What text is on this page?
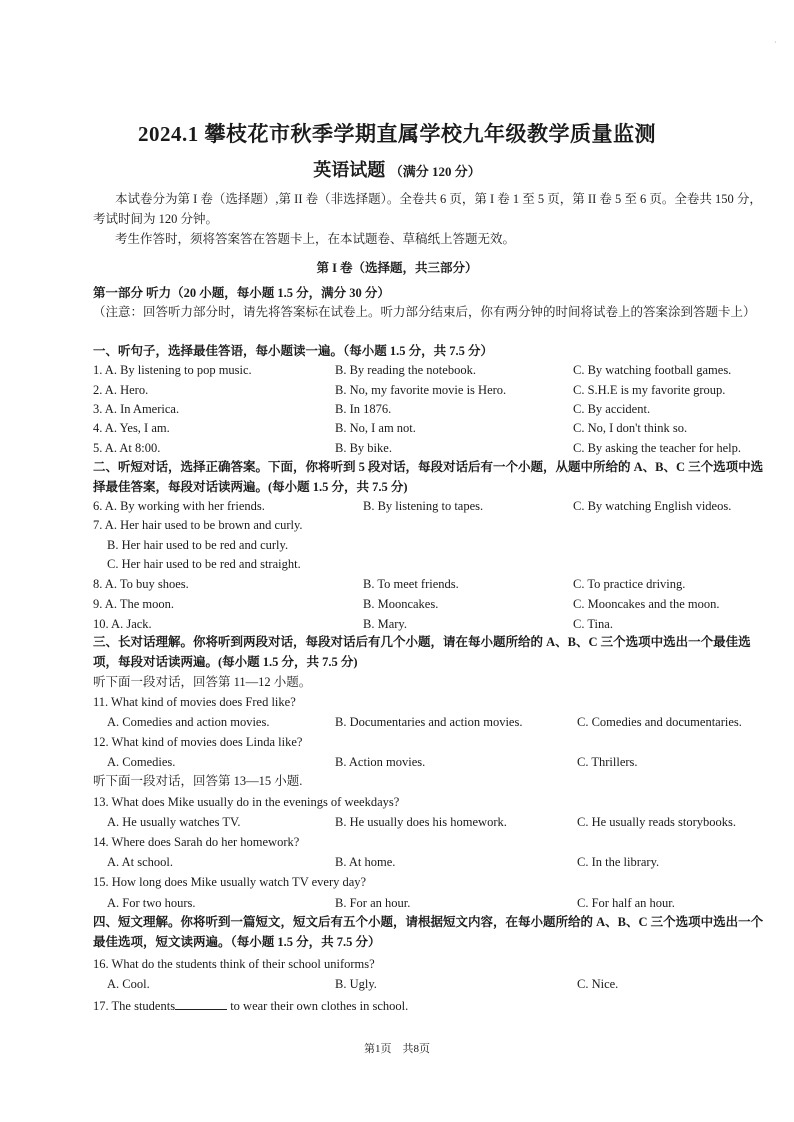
·
2024.1 攀枝花市秋季学期直属学校九年级教学质量监测
英语试题 （满分 120 分）
本试卷分为第 I 卷（选择题）,第 II 卷（非选择题）。全卷共 6 页，第 I 卷 1 至 5 页，第 II 卷 5 至 6 页。全卷共 150 分，考试时间为 120 分钟。
考生作答时，须将答案答在答题卡上，在本试题卷、草稿纸上答题无效。
第 I 卷（选择题，共三部分）
第一部分 听力（20 小题，每小题 1.5 分，满分 30 分）
（注意：回答听力部分时，请先将答案标在试卷上。听力部分结束后，你有两分钟的时间将试卷上的答案涂到答题卡上）
一、听句子，选择最佳答语，每小题读一遍。（每小题 1.5 分，共 7.5 分）
1. A. By listening to pop music.	B. By reading the notebook.	C. By watching football games.
2. A. Hero.	B. No, my favorite movie is Hero.	C. S.H.E is my favorite group.
3. A. In America.	B. In 1876.	C. By accident.
4. A. Yes, I am.	B. No, I am not.	C. No, I don't think so.
5. A. At 8:00.	B. By bike.	C. By asking the teacher for help.
二、听短对话，选择正确答案。下面，你将听到 5 段对话，每段对话后有一个小题，从题中所给的 A、B、C 三个选项中选择最佳答案，每段对话读两遍。(每小题 1.5 分，共 7.5 分)
6. A. By working with her friends.	B. By listening to tapes.	C. By watching English videos.
7. A. Her hair used to be brown and curly.
B. Her hair used to be red and curly.
C. Her hair used to be red and straight.
8. A. To buy shoes.	B. To meet friends.	C. To practice driving.
9. A. The moon.	B. Mooncakes.	C. Mooncakes and the moon.
10. A. Jack.	B. Mary.	C. Tina.
三、长对话理解。你将听到两段对话，每段对话后有几个小题，请在每小题所给的 A、B、C 三个选项中选出一个最佳选项，每段对话读两遍。(每小题 1.5 分，共 7.5 分)
听下面一段对话，回答第 11—12 小题。
11. What kind of movies does Fred like?
A. Comedies and action movies.	B. Documentaries and action movies.	C. Comedies and documentaries.
12. What kind of movies does Linda like?
A. Comedies.	B. Action movies.	C. Thrillers.
听下面一段对话，回答第 13—15 小题.
13. What does Mike usually do in the evenings of weekdays?
A. He usually watches TV.	B. He usually does his homework.	C. He usually reads storybooks.
14. Where does Sarah do her homework?
A. At school.	B. At home.	C. In the library.
15. How long does Mike usually watch TV every day?
A. For two hours.	B. For an hour.	C. For half an hour.
四、短文理解。你将听到一篇短文，短文后有五个小题，请根据短文内容，在每小题所给的 A、B、C 三个选项中选出一个最佳选项，短文读两遍。（每小题 1.5 分，共 7.5 分）
16. What do the students think of their school uniforms?
A. Cool.	B. Ugly.	C. Nice.
17. The students	to wear their own clothes in school.
第1页　共8页
